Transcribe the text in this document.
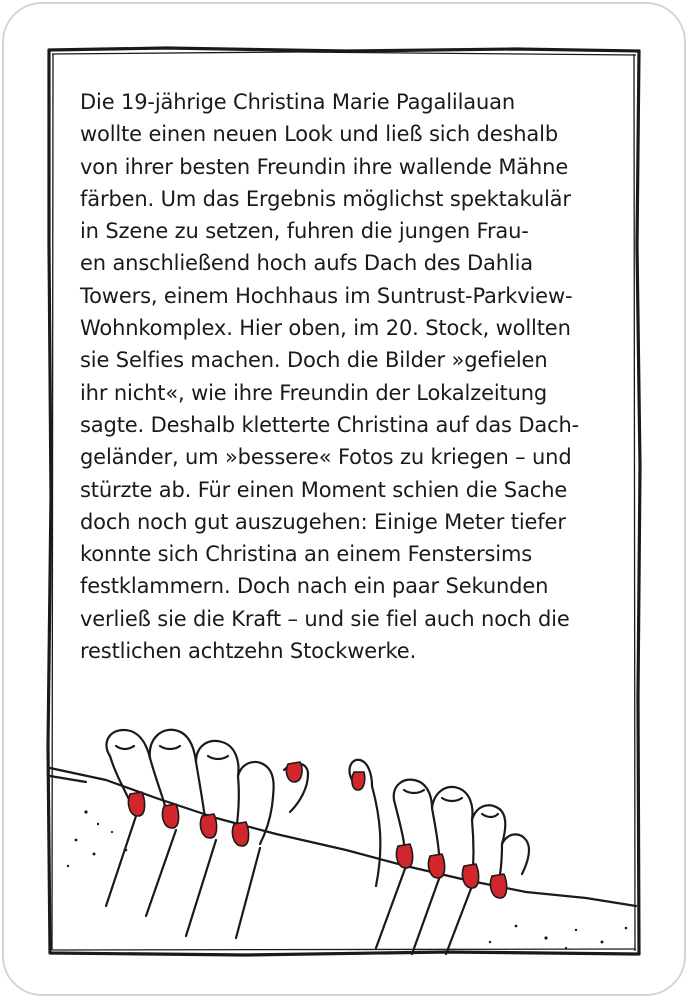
Die 19-jährige Christina Marie Pagalilauan
wollte einen neuen Look und ließ sich deshalb
von ihrer besten Freundin ihre wallende Mähne
färben. Um das Ergebnis möglichst spektakulär
in Szene zu setzen, fuhren die jungen Frau-
en anschließend hoch aufs Dach des Dahlia
Towers, einem Hochhaus im Suntrust-Parkview-
Wohnkomplex. Hier oben, im 20. Stock, wollten
sie Selfies machen. Doch die Bilder »gefielen
ihr nicht«, wie ihre Freundin der Lokalzeitung
sagte. Deshalb kletterte Christina auf das Dach-
geländer, um »bessere« Fotos zu kriegen – und
stürzte ab. Für einen Moment schien die Sache
doch noch gut auszugehen: Einige Meter tiefer
konnte sich Christina an einem Fenstersims
festklammern. Doch nach ein paar Sekunden
verließ sie die Kraft – und sie fiel auch noch die
restlichen achtzehn Stockwerke.
